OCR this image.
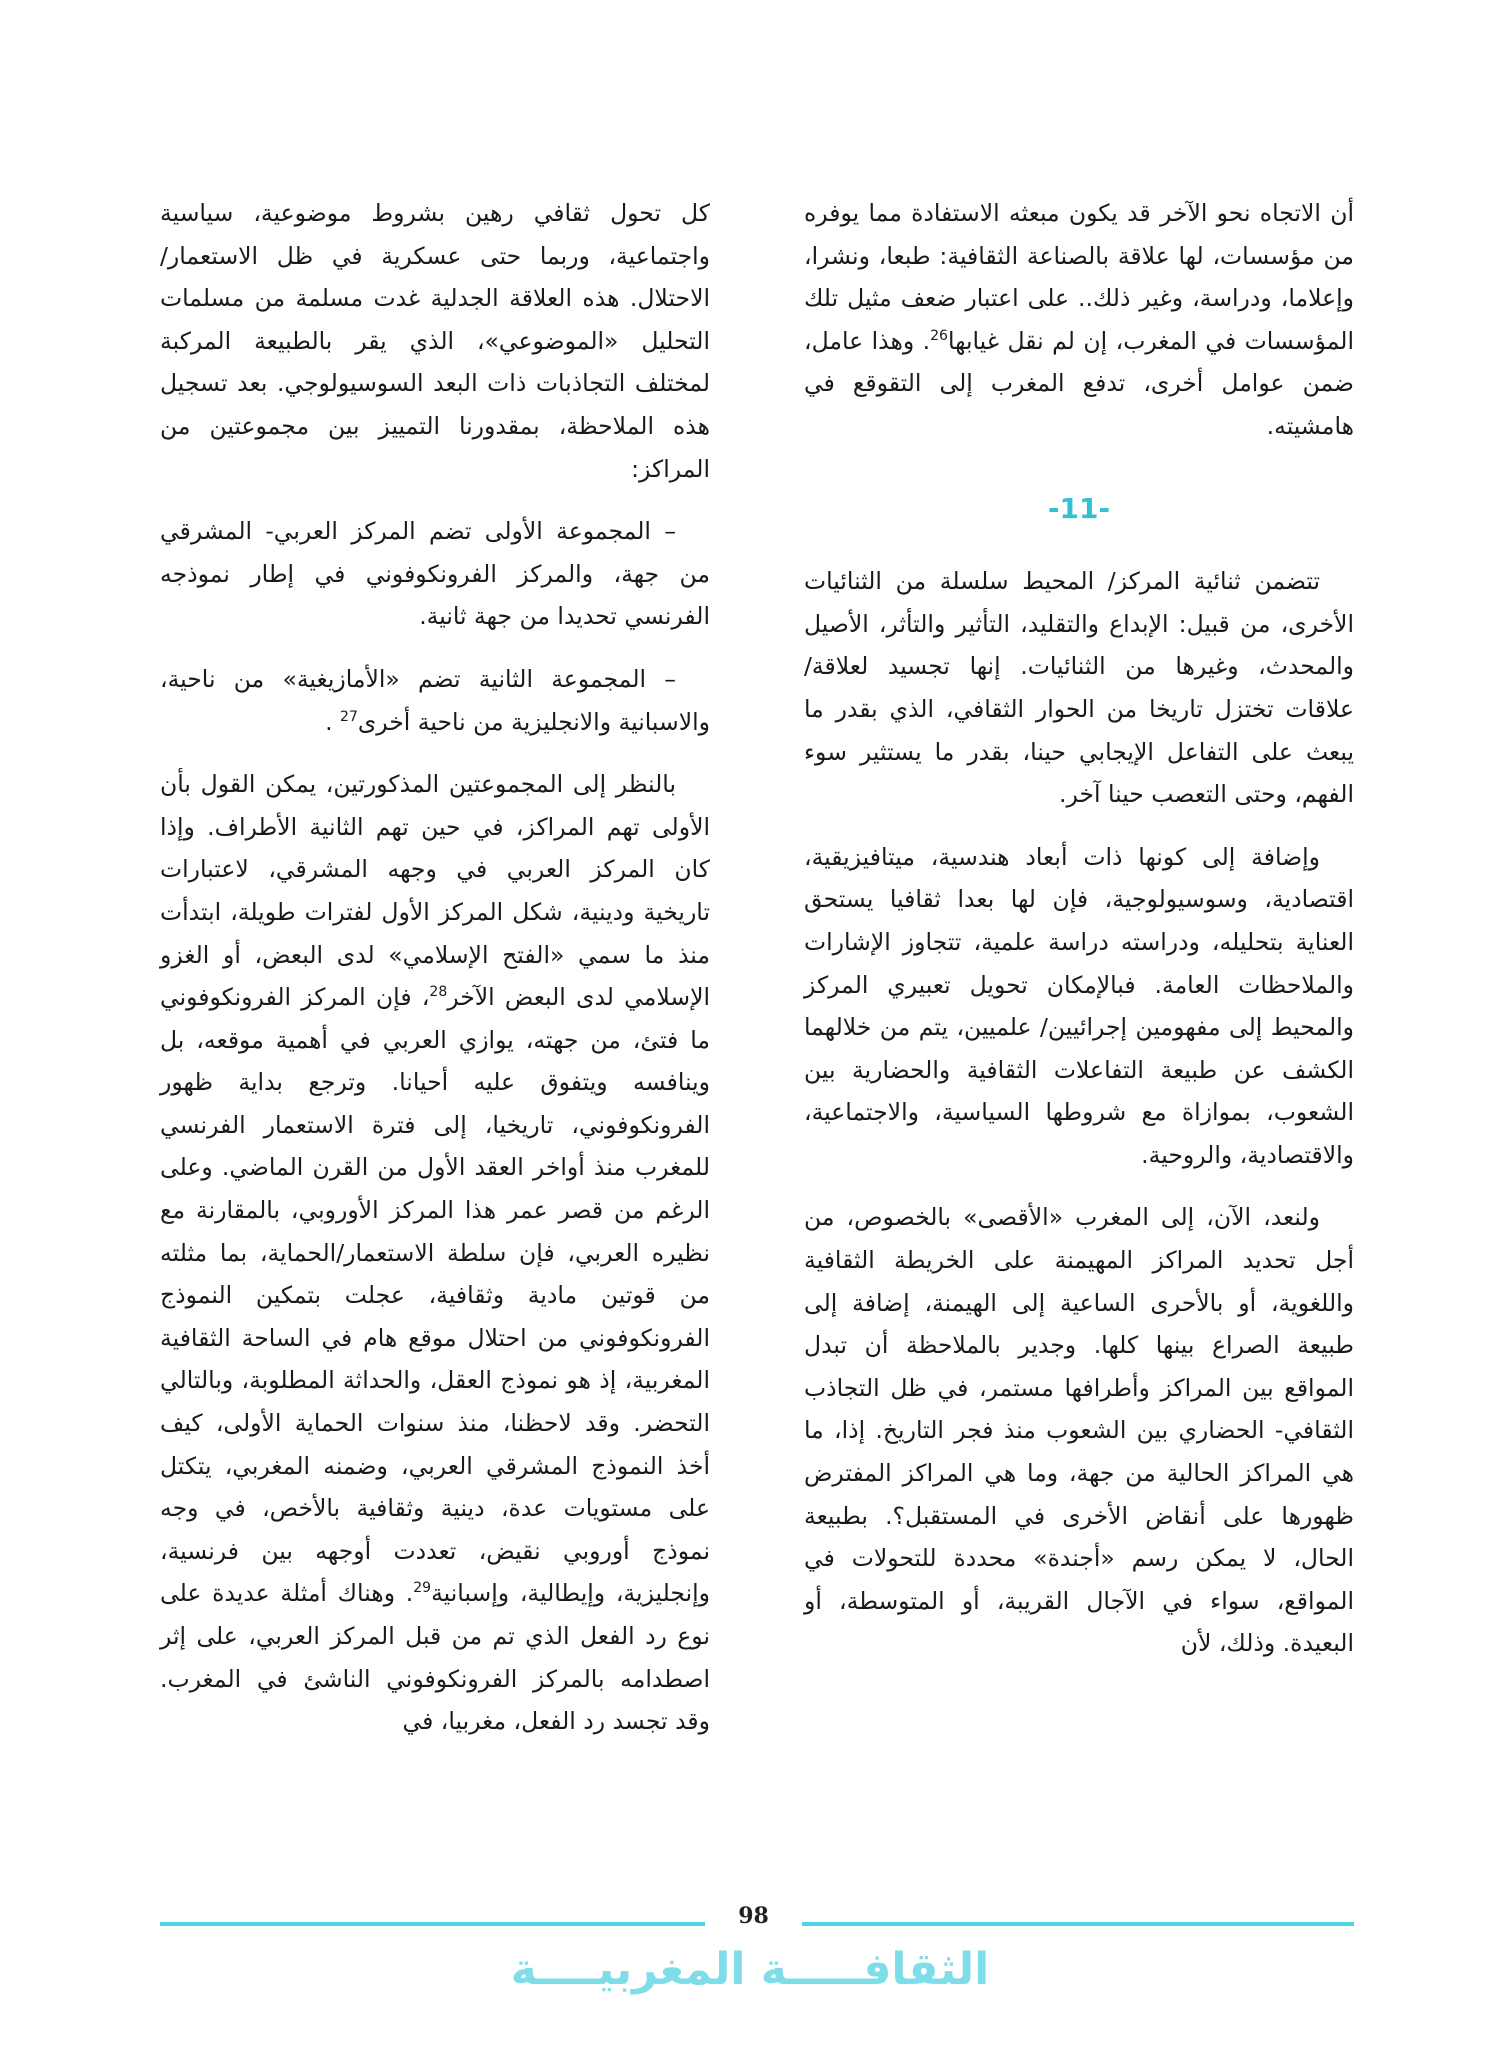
أن الاتجاه نحو الآخر قد يكون مبعثه الاستفادة مما يوفره من مؤسسات، لها علاقة بالصناعة الثقافية: طبعا، ونشرا، وإعلاما، ودراسة، وغير ذلك.. على اعتبار ضعف مثيل تلك المؤسسات في المغرب، إن لم نقل غيابها$^{26}$. وهذا عامل، ضمن عوامل أخرى، تدفع المغرب إلى التقوقع في هامشيته.

-11-

تتضمن ثنائية المركز/ المحيط سلسلة من الثنائيات الأخرى، من قبيل: الإبداع والتقليد، التأثير والتأثر، الأصيل والمحدث، وغيرها من الثنائيات. إنها تجسيد لعلاقة/ علاقات تختزل تاريخا من الحوار الثقافي، الذي بقدر ما يبعث على التفاعل الإيجابي حينا، بقدر ما يستثير سوء الفهم، وحتى التعصب حينا آخر.

وإضافة إلى كونها ذات أبعاد هندسية، ميتافيزيقية، اقتصادية، وسوسيولوجية، فإن لها بعدا ثقافيا يستحق العناية بتحليله، ودراسته دراسة علمية، تتجاوز الإشارات والملاحظات العامة. فبالإمكان تحويل تعبيري المركز والمحيط إلى مفهومين إجرائيين/ علميين، يتم من خلالهما الكشف عن طبيعة التفاعلات الثقافية والحضارية بين الشعوب، بموازاة مع شروطها السياسية، والاجتماعية، والاقتصادية، والروحية.

ولنعد، الآن، إلى المغرب «الأقصى» بالخصوص، من أجل تحديد المراكز المهيمنة على الخريطة الثقافية واللغوية، أو بالأحرى الساعية إلى الهيمنة، إضافة إلى طبيعة الصراع بينها كلها. وجدير بالملاحظة أن تبدل المواقع بين المراكز وأطرافها مستمر، في ظل التجاذب الثقافي- الحضاري بين الشعوب منذ فجر التاريخ. إذا، ما هي المراكز الحالية من جهة، وما هي المراكز المفترض ظهورها على أنقاض الأخرى في المستقبل؟. بطبيعة الحال، لا يمكن رسم «أجندة» محددة للتحولات في المواقع، سواء في الآجال القريبة، أو المتوسطة، أو البعيدة. وذلك، لأن

كل تحول ثقافي رهين بشروط موضوعية، سياسية واجتماعية، وربما حتى عسكرية في ظل الاستعمار/ الاحتلال. هذه العلاقة الجدلية غدت مسلمة من مسلمات التحليل «الموضوعي»، الذي يقر بالطبيعة المركبة لمختلف التجاذبات ذات البعد السوسيولوجي. بعد تسجيل هذه الملاحظة، بمقدورنا التمييز بين مجموعتين من المراكز:

– المجموعة الأولى تضم المركز العربي- المشرقي من جهة، والمركز الفرونكوفوني في إطار نموذجه الفرنسي تحديدا من جهة ثانية.

– المجموعة الثانية تضم «الأمازيغية» من ناحية، والاسبانية والانجليزية من ناحية أخرى$^{27}$ .

بالنظر إلى المجموعتين المذكورتين، يمكن القول بأن الأولى تهم المراكز، في حين تهم الثانية الأطراف. وإذا كان المركز العربي في وجهه المشرقي، لاعتبارات تاريخية ودينية، شكل المركز الأول لفترات طويلة، ابتدأت منذ ما سمي «الفتح الإسلامي» لدى البعض، أو الغزو الإسلامي لدى البعض الآخر$^{28}$، فإن المركز الفرونكوفوني ما فتئ، من جهته، يوازي العربي في أهمية موقعه، بل وينافسه ويتفوق عليه أحيانا. وترجع بداية ظهور الفرونكوفوني، تاريخيا، إلى فترة الاستعمار الفرنسي للمغرب منذ أواخر العقد الأول من القرن الماضي. وعلى الرغم من قصر عمر هذا المركز الأوروبي، بالمقارنة مع نظيره العربي، فإن سلطة الاستعمار/الحماية، بما مثلته من قوتين مادية وثقافية، عجلت بتمكين النموذج الفرونكوفوني من احتلال موقع هام في الساحة الثقافية المغربية، إذ هو نموذج العقل، والحداثة المطلوبة، وبالتالي التحضر. وقد لاحظنا، منذ سنوات الحماية الأولى، كيف أخذ النموذج المشرقي العربي، وضمنه المغربي، يتكتل على مستويات عدة، دينية وثقافية بالأخص، في وجه نموذج أوروبي نقيض، تعددت أوجهه بين فرنسية، وإنجليزية، وإيطالية، وإسبانية$^{29}$. وهناك أمثلة عديدة على نوع رد الفعل الذي تم من قبل المركز العربي، على إثر اصطدامه بالمركز الفرونكوفوني الناشئ في المغرب. وقد تجسد رد الفعل، مغربيا، في

98
الثقافـــــة المغربيــــة
